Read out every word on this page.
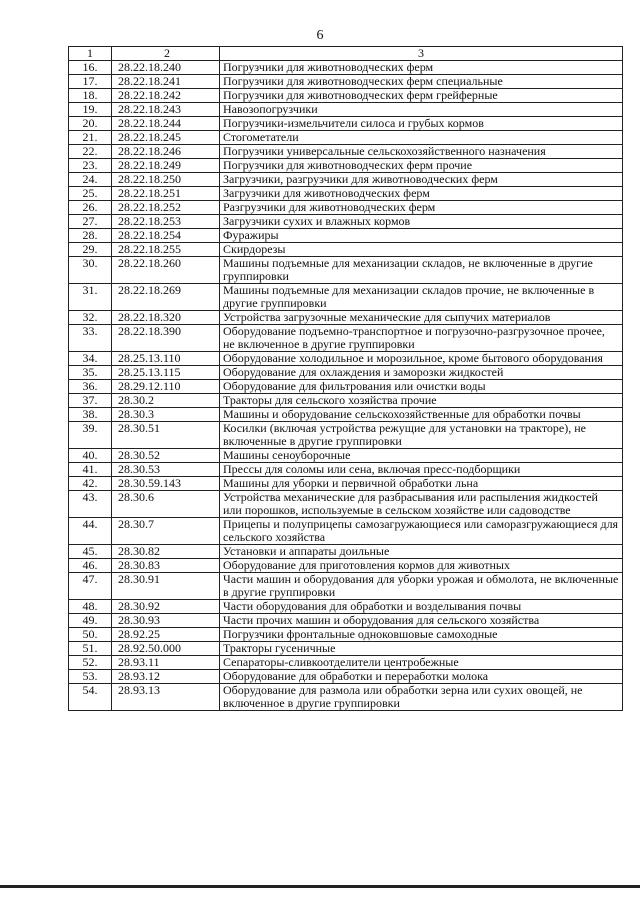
6
1	2	3
16.	28.22.18.240	Погрузчики для животноводческих ферм
17.	28.22.18.241	Погрузчики для животноводческих ферм специальные
18.	28.22.18.242	Погрузчики для животноводческих ферм грейферные
19.	28.22.18.243	Навозопогрузчики
20.	28.22.18.244	Погрузчики-измельчители силоса и грубых кормов
21.	28.22.18.245	Стогометатели
22.	28.22.18.246	Погрузчики универсальные сельскохозяйственного назначения
23.	28.22.18.249	Погрузчики для животноводческих ферм прочие
24.	28.22.18.250	Загрузчики, разгрузчики для животноводческих ферм
25.	28.22.18.251	Загрузчики для животноводческих ферм
26.	28.22.18.252	Разгрузчики для животноводческих ферм
27.	28.22.18.253	Загрузчики сухих и влажных кормов
28.	28.22.18.254	Фуражиры
29.	28.22.18.255	Скирдорезы
30.	28.22.18.260	Машины подъемные для механизации складов, не включенные в другие группировки
31.	28.22.18.269	Машины подъемные для механизации складов прочие, не включенные в другие группировки
32.	28.22.18.320	Устройства загрузочные механические для сыпучих материалов
33.	28.22.18.390	Оборудование подъемно-транспортное и погрузочно-разгрузочное прочее, не включенное в другие группировки
34.	28.25.13.110	Оборудование холодильное и морозильное, кроме бытового оборудования
35.	28.25.13.115	Оборудование для охлаждения и заморозки жидкостей
36.	28.29.12.110	Оборудование для фильтрования или очистки воды
37.	28.30.2	Тракторы для сельского хозяйства прочие
38.	28.30.3	Машины и оборудование сельскохозяйственные для обработки почвы
39.	28.30.51	Косилки (включая устройства режущие для установки на тракторе), не включенные в другие группировки
40.	28.30.52	Машины сеноуборочные
41.	28.30.53	Прессы для соломы или сена, включая пресс-подборщики
42.	28.30.59.143	Машины для уборки и первичной обработки льна
43.	28.30.6	Устройства механические для разбрасывания или распыления жидкостей или порошков, используемые в сельском хозяйстве или садоводстве
44.	28.30.7	Прицепы и полуприцепы самозагружающиеся или саморазгружающиеся для сельского хозяйства
45.	28.30.82	Установки и аппараты доильные
46.	28.30.83	Оборудование для приготовления кормов для животных
47.	28.30.91	Части машин и оборудования для уборки урожая и обмолота, не включенные в другие группировки
48.	28.30.92	Части оборудования для обработки и возделывания почвы
49.	28.30.93	Части прочих машин и оборудования для сельского хозяйства
50.	28.92.25	Погрузчики фронтальные одноковшовые самоходные
51.	28.92.50.000	Тракторы гусеничные
52.	28.93.11	Сепараторы-сливкоотделители центробежные
53.	28.93.12	Оборудование для обработки и переработки молока
54.	28.93.13	Оборудование для размола или обработки зерна или сухих овощей, не включенное в другие группировки
